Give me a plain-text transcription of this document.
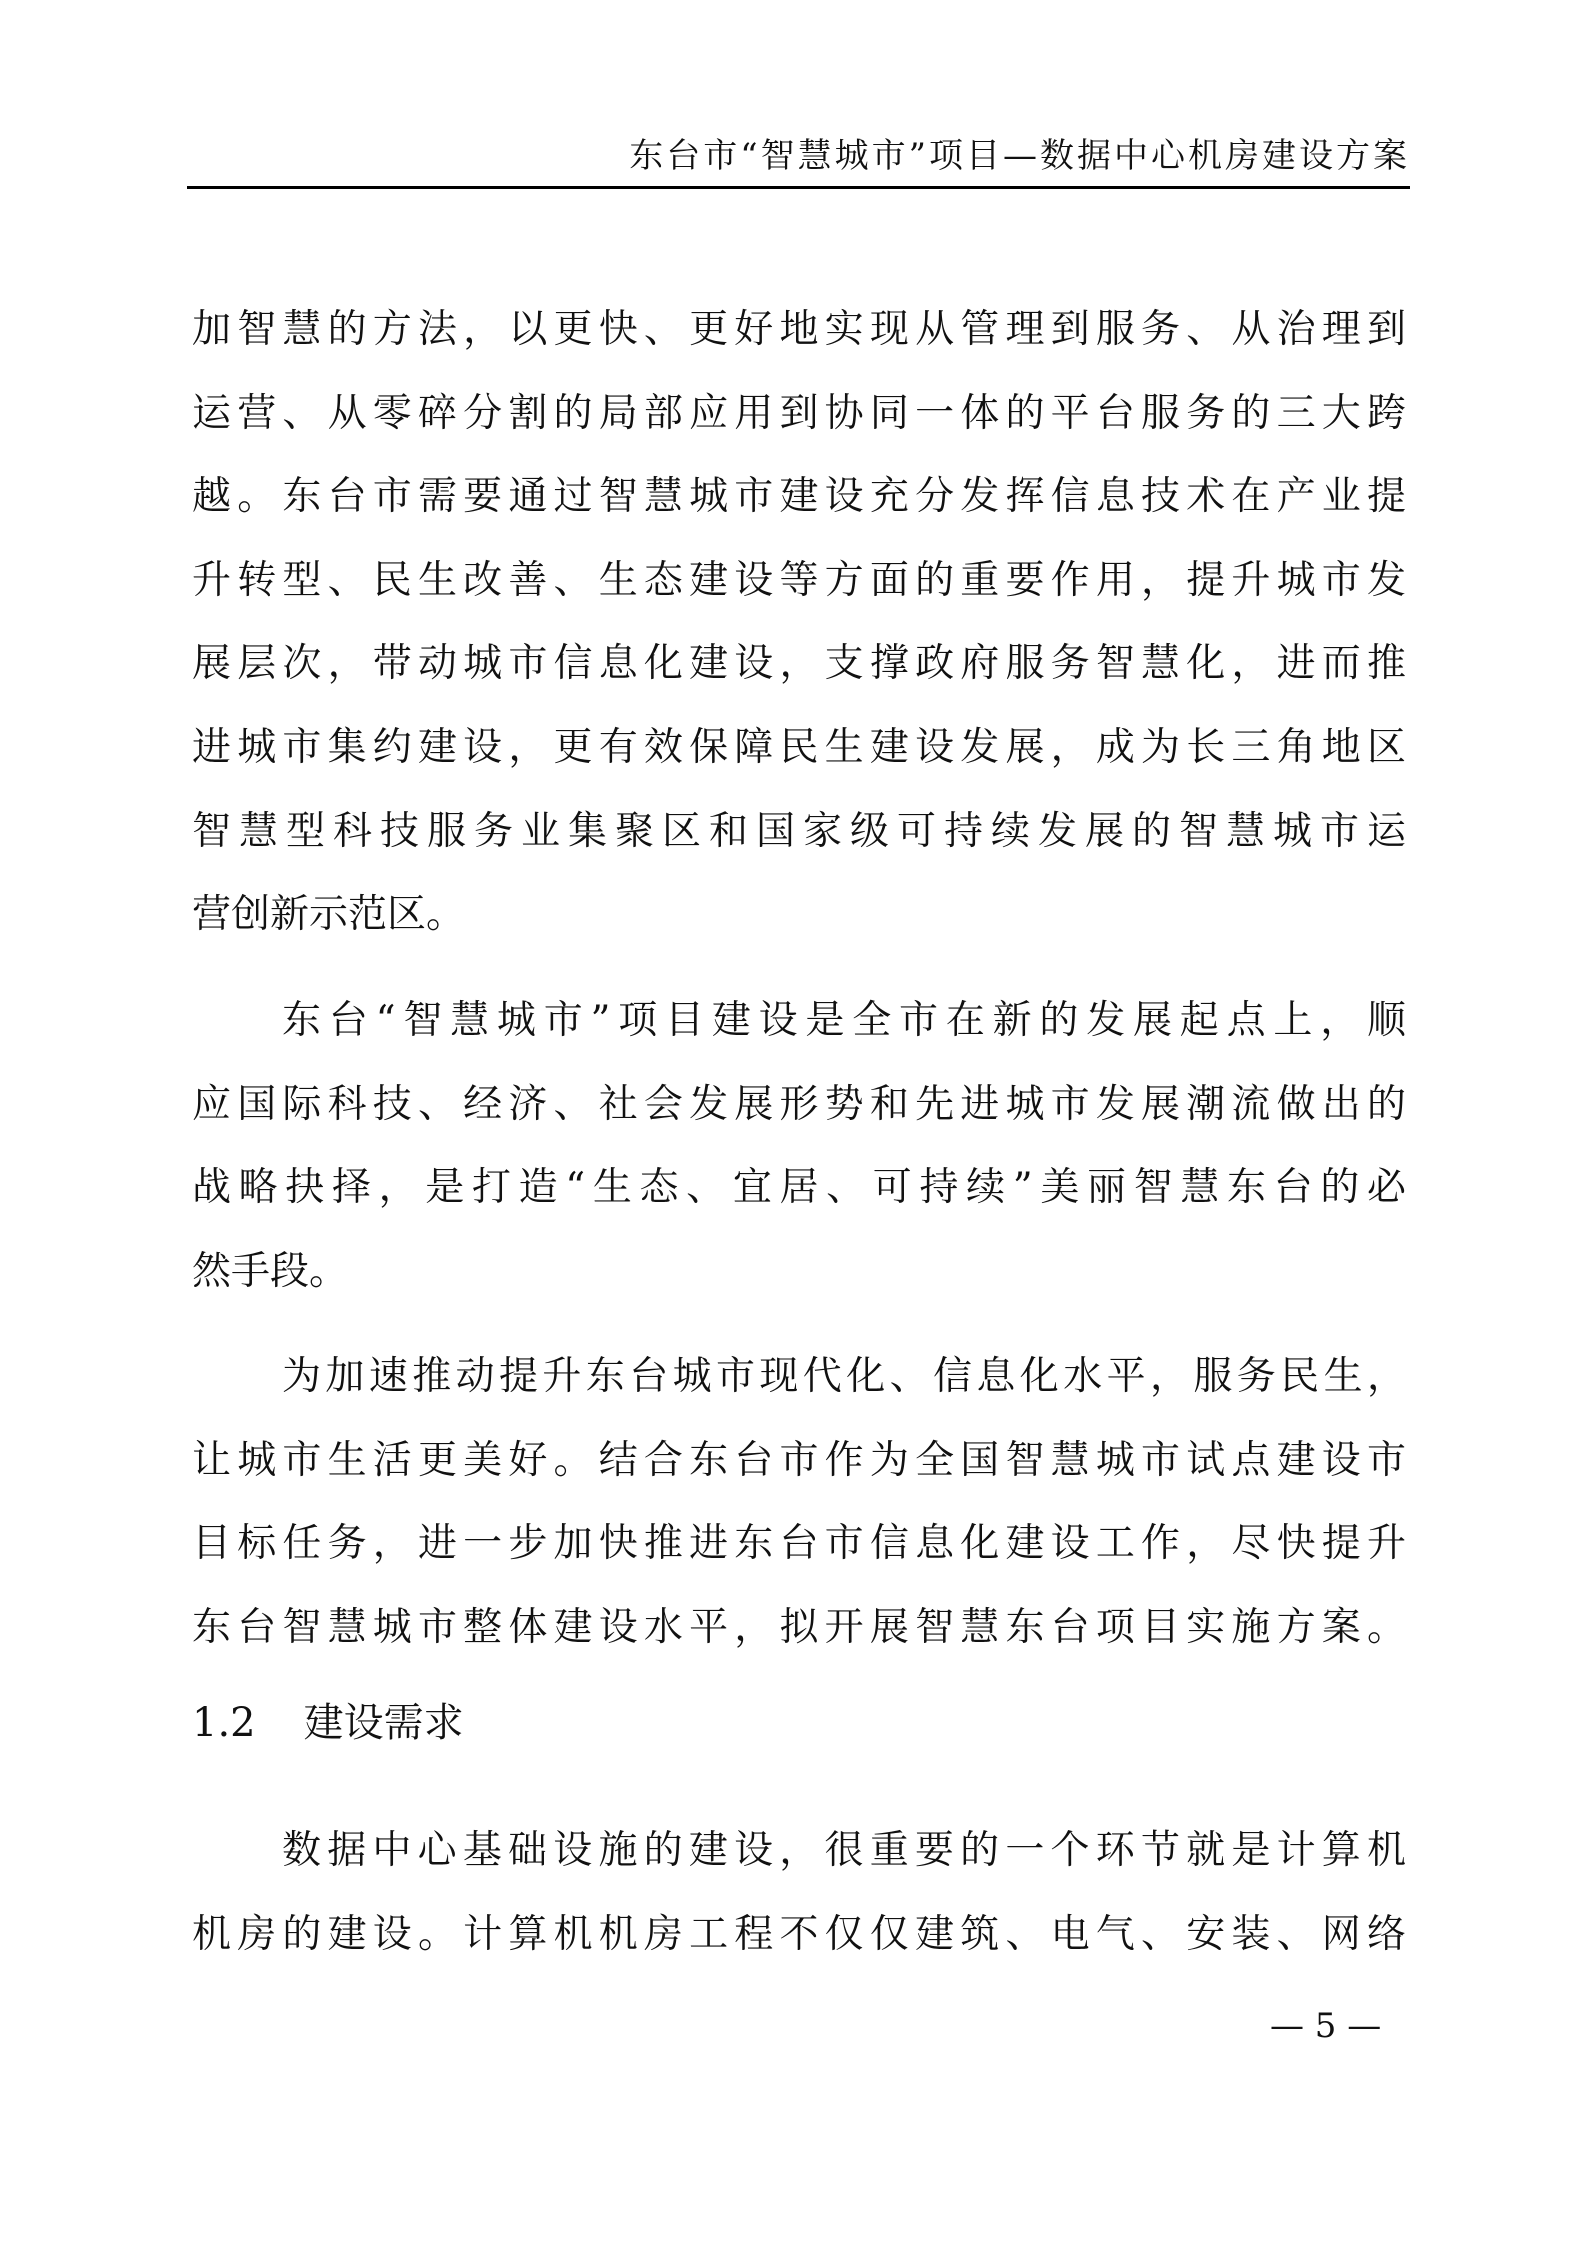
东台市“智慧城市”项目—数据中心机房建设方案
加智慧的方法，以更快、更好地实现从管理到服务、从治理到
运营、从零碎分割的局部应用到协同一体的平台服务的三大跨
越。东台市需要通过智慧城市建设充分发挥信息技术在产业提
升转型、民生改善、生态建设等方面的重要作用，提升城市发
展层次，带动城市信息化建设，支撑政府服务智慧化，进而推
进城市集约建设，更有效保障民生建设发展，成为长三角地区
智慧型科技服务业集聚区和国家级可持续发展的智慧城市运
营创新示范区。
东台“智慧城市”项目建设是全市在新的发展起点上，顺
应国际科技、经济、社会发展形势和先进城市发展潮流做出的
战略抉择，是打造“生态、宜居、可持续”美丽智慧东台的必
然手段。
为加速推动提升东台城市现代化、信息化水平，服务民生，
让城市生活更美好。结合东台市作为全国智慧城市试点建设市
目标任务，进一步加快推进东台市信息化建设工作，尽快提升
东台智慧城市整体建设水平，拟开展智慧东台项目实施方案。
1.2 建设需求
数据中心基础设施的建设，很重要的一个环节就是计算机
机房的建设。计算机机房工程不仅仅建筑、电气、安装、网络
— 5 —
